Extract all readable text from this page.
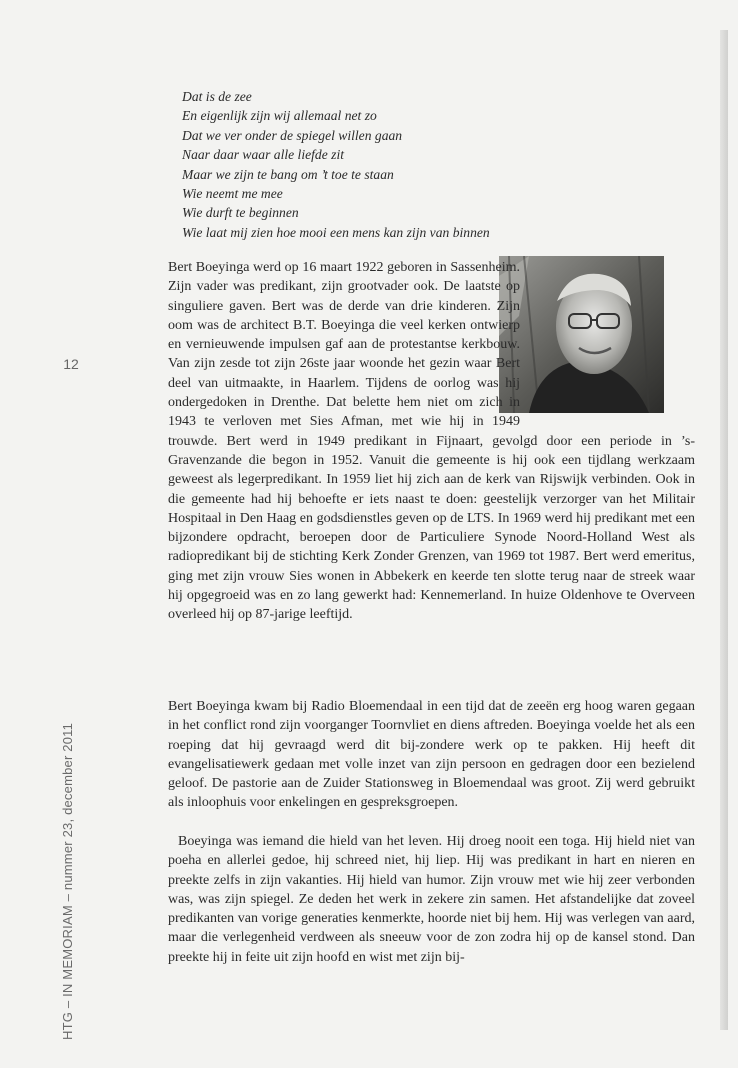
12
HTG – IN MEMORIAM – nummer 23, december 2011
Dat is de zee
En eigenlijk zijn wij allemaal net zo
Dat we ver onder de spiegel willen gaan
Naar daar waar alle liefde zit
Maar we zijn te bang om ’t toe te staan
Wie neemt me mee
Wie durft te beginnen
Wie laat mij zien hoe mooi een mens kan zijn van binnen
Bert Boeyinga werd op 16 maart 1922 geboren in Sassenheim. Zijn vader was predikant, zijn grootvader ook. De laatste op singuliere gaven. Bert was de derde van drie kinderen. Zijn oom was de architect B.T. Boeyinga die veel kerken ontwierp en vernieuwende impulsen gaf aan de protestantse kerkbouw. Van zijn zesde tot zijn 26ste jaar woonde het gezin waar Bert deel van uitmaakte, in Haarlem. Tijdens de oorlog was hij ondergedoken in Drenthe. Dat belette hem niet om zich in 1943 te verloven met Sies Afman, met wie hij in 1949 trouwde. Bert werd in 1949 predikant in Fijnaart, gevolgd door een periode in ’s-Gravenzande die begon in 1952. Vanuit die gemeente is hij ook een tijdlang werkzaam geweest als legerpredikant. In 1959 liet hij zich aan de kerk van Rijswijk verbinden. Ook in die gemeente had hij behoefte er iets naast te doen: geestelijk verzorger van het Militair Hospitaal in Den Haag en godsdienstles geven op de LTS. In 1969 werd hij predikant met een bijzondere opdracht, beroepen door de Particuliere Synode Noord-Holland West als radiopredikant bij de stichting Kerk Zonder Grenzen, van 1969 tot 1987. Bert werd emeritus, ging met zijn vrouw Sies wonen in Abbekerk en keerde ten slotte terug naar de streek waar hij opgegroeid was en zo lang gewerkt had: Kennemerland. In huize Oldenhove te Overveen overleed hij op 87-jarige leeftijd.
Bert Boeyinga kwam bij Radio Bloemendaal in een tijd dat de zeeën erg hoog waren gegaan in het conflict rond zijn voorganger Toornvliet en diens aftreden. Boeyinga voelde het als een roeping dat hij gevraagd werd dit bij-zondere werk op te pakken. Hij heeft dit evangelisatiewerk gedaan met volle inzet van zijn persoon en gedragen door een bezielend geloof. De pastorie aan de Zuider Stationsweg in Bloemendaal was groot. Zij werd gebruikt als inloophuis voor enkelingen en gespreksgroepen.
Boeyinga was iemand die hield van het leven. Hij droeg nooit een toga. Hij hield niet van poeha en allerlei gedoe, hij schreed niet, hij liep. Hij was predikant in hart en nieren en preekte zelfs in zijn vakanties. Hij hield van humor. Zijn vrouw met wie hij zeer verbonden was, was zijn spiegel. Ze deden het werk in zekere zin samen. Het afstandelijke dat zoveel predikanten van vorige generaties kenmerkte, hoorde niet bij hem. Hij was verlegen van aard, maar die verlegenheid verdween als sneeuw voor de zon zodra hij op de kansel stond. Dan preekte hij in feite uit zijn hoofd en wist met zijn bij-
